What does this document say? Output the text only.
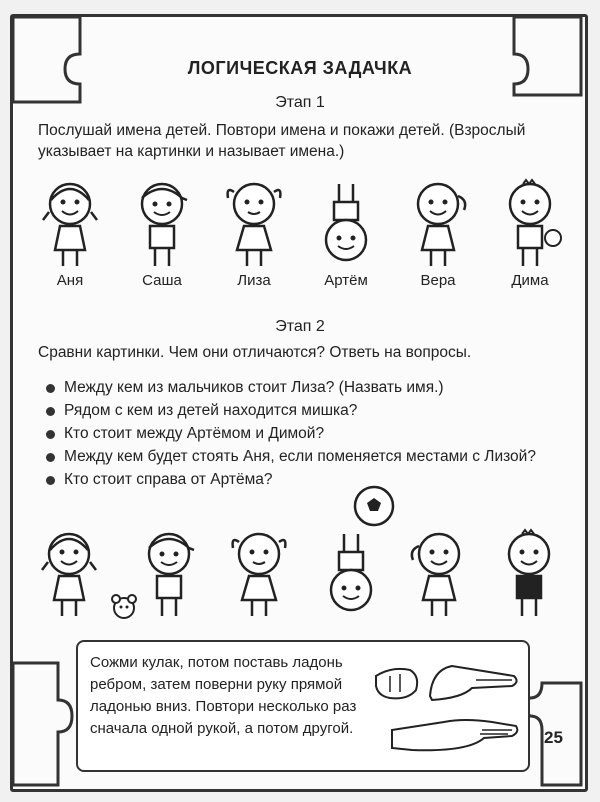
ЛОГИЧЕСКАЯ ЗАДАЧКА
Этап 1
Послушай имена детей. Повтори имена и покажи детей. (Взрослый указывает на картинки и называет имена.)
Аня	Саша	Лиза	Артём	Вера	Дима
Этап 2
Сравни картинки. Чем они отличаются? Ответь на вопросы.
Между кем из мальчиков стоит Лиза? (Назвать имя.)
Рядом с кем из детей находится мишка?
Кто стоит между Артёмом и Димой?
Между кем будет стоять Аня, если поменяется местами с Лизой?
Кто стоит справа от Артёма?
Сожми кулак, потом поставь ладонь ребром, затем поверни руку прямой ладонью вниз. Повтори несколько раз сначала одной рукой, а потом другой.	25
